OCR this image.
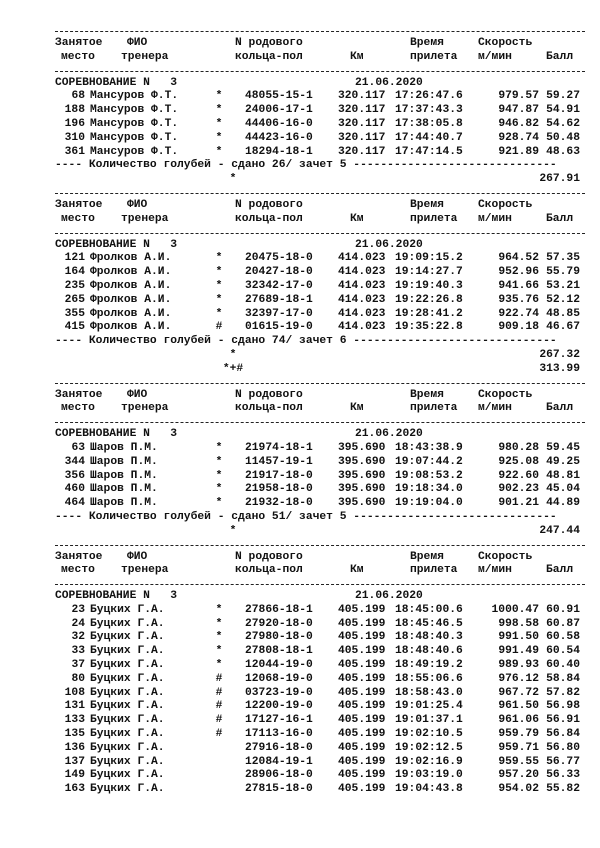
Занятое ФИО	N родового	Время	Скорость
место тренера	кольца-пол	Км	прилета м/мин	Балл
СОРЕВНОВАНИЕ N   3	21.06.2020
68 Мансуров Ф.Т.	*	48055-15-1 320.117 17:26:47.6	979.57 59.27
188 Мансуров Ф.Т.	*	24006-17-1 320.117 17:37:43.3	947.87 54.91
196 Мансуров Ф.Т.	*	44406-16-0 320.117 17:38:05.8	946.82 54.62
310 Мансуров Ф.Т.	*	44423-16-0 320.117 17:44:40.7	928.74 50.48
361 Мансуров Ф.Т.	*	18294-18-1 320.117 17:47:14.5	921.89 48.63
---- Количество голубей - сдано 26/ зачет 5 ------------------------------
*	267.91
Занятое ФИО	N родового	Время	Скорость
место тренера	кольца-пол	Км	прилета м/мин	Балл
СОРЕВНОВАНИЕ N   3	21.06.2020
121 Фролков А.И.	*	20475-18-0 414.023 19:09:15.2	964.52 57.35
164 Фролков А.И.	*	20427-18-0 414.023 19:14:27.7	952.96 55.79
235 Фролков А.И.	*	32342-17-0 414.023 19:19:40.3	941.66 53.21
265 Фролков А.И.	*	27689-18-1 414.023 19:22:26.8	935.76 52.12
355 Фролков А.И.	*	32397-17-0 414.023 19:28:41.2	922.74 48.85
415 Фролков А.И.	#	01615-19-0 414.023 19:35:22.8	909.18 46.67
---- Количество голубей - сдано 74/ зачет 6 ------------------------------
*	267.32
*+#	313.99
Занятое ФИО	N родового	Время	Скорость
место тренера	кольца-пол	Км	прилета м/мин	Балл
СОРЕВНОВАНИЕ N   3	21.06.2020
63 Шаров П.М.	*	21974-18-1 395.690 18:43:38.9	980.28 59.45
344 Шаров П.М.	*	11457-19-1 395.690 19:07:44.2	925.08 49.25
356 Шаров П.М.	*	21917-18-0 395.690 19:08:53.2	922.60 48.81
460 Шаров П.М.	*	21958-18-0 395.690 19:18:34.0	902.23 45.04
464 Шаров П.М.	*	21932-18-0 395.690 19:19:04.0	901.21 44.89
---- Количество голубей - сдано 51/ зачет 5 ------------------------------
*	247.44
Занятое ФИО	N родового	Время	Скорость
место тренера	кольца-пол	Км	прилета м/мин	Балл
СОРЕВНОВАНИЕ N   3	21.06.2020
23 Буцких Г.А.	*	27866-18-1 405.199 18:45:00.6	1000.47 60.91
24 Буцких Г.А.	*	27920-18-0 405.199 18:45:46.5	998.58 60.87
32 Буцких Г.А.	*	27980-18-0 405.199 18:48:40.3	991.50 60.58
33 Буцких Г.А.	*	27808-18-1 405.199 18:48:40.6	991.49 60.54
37 Буцких Г.А.	*	12044-19-0 405.199 18:49:19.2	989.93 60.40
80 Буцких Г.А.	#	12068-19-0 405.199 18:55:06.6	976.12 58.84
108 Буцких Г.А.	#	03723-19-0 405.199 18:58:43.0	967.72 57.82
131 Буцких Г.А.	#	12200-19-0 405.199 19:01:25.4	961.50 56.98
133 Буцких Г.А.	#	17127-16-1 405.199 19:01:37.1	961.06 56.91
135 Буцких Г.А.	#	17113-16-0 405.199 19:02:10.5	959.79 56.84
136 Буцких Г.А.	27916-18-0 405.199 19:02:12.5	959.71 56.80
137 Буцких Г.А.	12084-19-1 405.199 19:02:16.9	959.55 56.77
149 Буцких Г.А.	28906-18-0 405.199 19:03:19.0	957.20 56.33
163 Буцких Г.А.	27815-18-0 405.199 19:04:43.8	954.02 55.82
